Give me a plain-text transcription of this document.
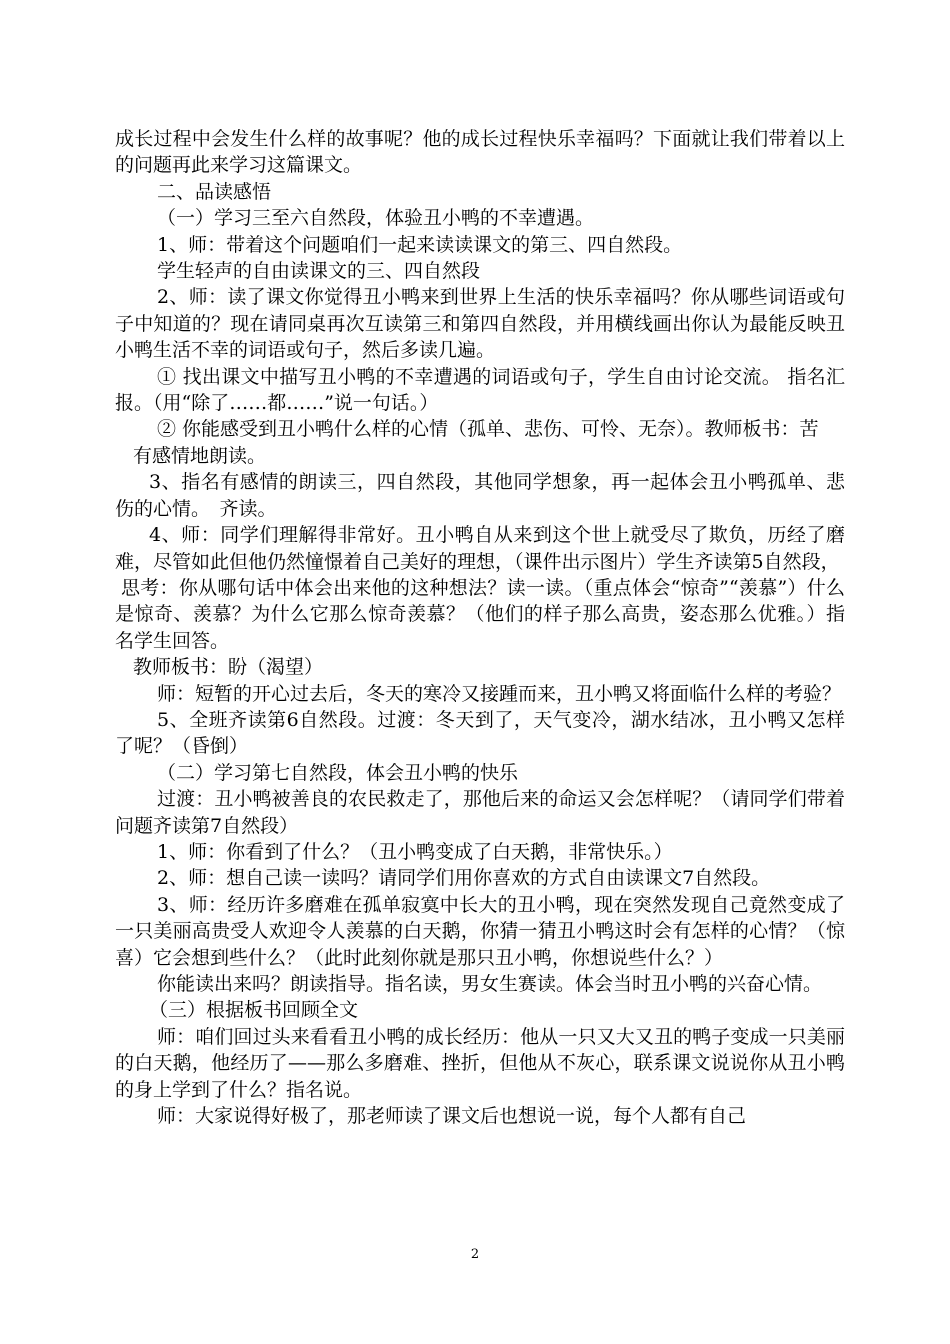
成长过程中会发生什么样的故事呢？他的成长过程快乐幸福吗？下面就让我们带着以上的问题再此来学习这篇课文。

二、品读感悟

（一）学习三至六自然段，体验丑小鸭的不幸遭遇。

1、师：带着这个问题咱们一起来读读课文的第三、四自然段。

学生轻声的自由读课文的三、四自然段

2、师：读了课文你觉得丑小鸭来到世界上生活的快乐幸福吗？你从哪些词语或句子中知道的？现在请同桌再次互读第三和第四自然段，并用横线画出你认为最能反映丑小鸭生活不幸的词语或句子，然后多读几遍。

① 找出课文中描写丑小鸭的不幸遭遇的词语或句子，学生自由讨论交流。 指名汇报。（用“除了……都……”说一句话。）

② 你能感受到丑小鸭什么样的心情（孤单、悲伤、可怜、无奈）。教师板书：苦

有感情地朗读。

3、指名有感情的朗读三，四自然段，其他同学想象，再一起体会丑小鸭孤单、悲伤的心情。　齐读。

4、师：同学们理解得非常好。丑小鸭自从来到这个世上就受尽了欺负，历经了磨难，尽管如此但他仍然憧憬着自己美好的理想，（课件出示图片）学生齐读第5自然段，

思考：你从哪句话中体会出来他的这种想法？读一读。（重点体会“惊奇”“羡慕”）什么是惊奇、羡慕？为什么它那么惊奇羡慕？（他们的样子那么高贵，姿态那么优雅。）指名学生回答。

教师板书：盼（渴望）

师：短暂的开心过去后，冬天的寒冷又接踵而来，丑小鸭又将面临什么样的考验？

5、全班齐读第6自然段。过渡：冬天到了，天气变冷，湖水结冰，丑小鸭又怎样了呢？（昏倒）

（二）学习第七自然段，体会丑小鸭的快乐

过渡：丑小鸭被善良的农民救走了，那他后来的命运又会怎样呢？（请同学们带着问题齐读第7自然段）

1、师：你看到了什么？（丑小鸭变成了白天鹅，非常快乐。）

2、师：想自己读一读吗？请同学们用你喜欢的方式自由读课文7自然段。

3、师：经历许多磨难在孤单寂寞中长大的丑小鸭，现在突然发现自己竟然变成了一只美丽高贵受人欢迎令人羡慕的白天鹅，你猜一猜丑小鸭这时会有怎样的心情？（惊喜）它会想到些什么？（此时此刻你就是那只丑小鸭，你想说些什么？）

你能读出来吗？朗读指导。指名读，男女生赛读。体会当时丑小鸭的兴奋心情。

（三）根据板书回顾全文

师：咱们回过头来看看丑小鸭的成长经历：他从一只又大又丑的鸭子变成一只美丽的白天鹅，他经历了——那么多磨难、挫折，但他从不灰心，联系课文说说你从丑小鸭的身上学到了什么？指名说。

师：大家说得好极了，那老师读了课文后也想说一说，每个人都有自己

2
